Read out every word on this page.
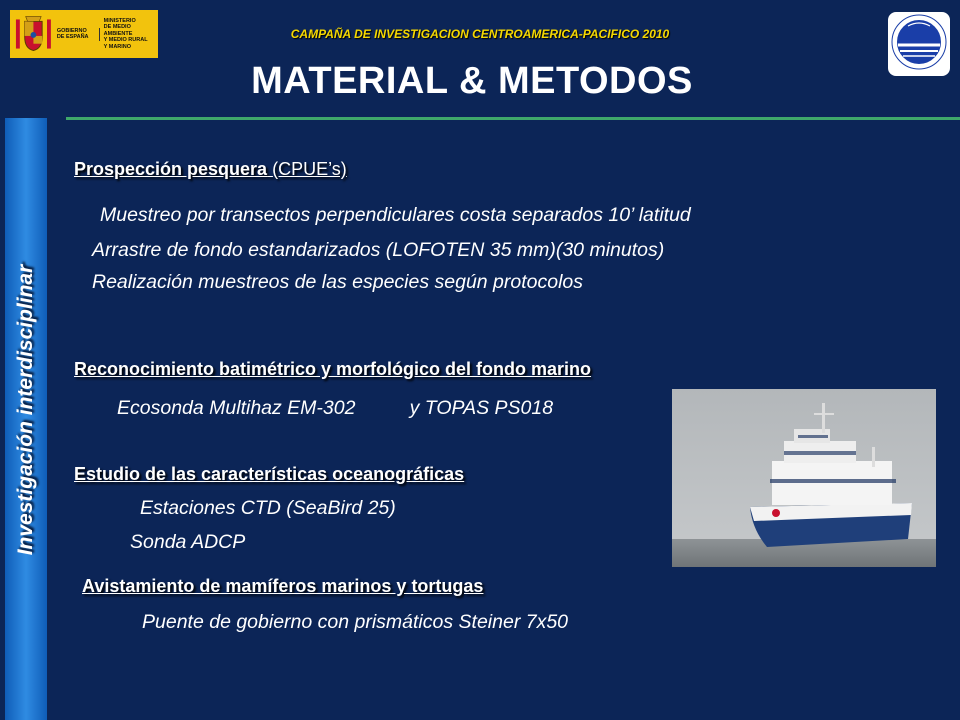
GOBIERNO
DE ESPAÑA
MINISTERIO
DE MEDIO AMBIENTE
Y MEDIO RURAL
Y MARINO
CAMPAÑA DE INVESTIGACION CENTROAMERICA-PACIFICO 2010
MATERIAL & METODOS
Investigación interdisciplinar
Prospección pesquera (CPUE’s)
Muestreo por transectos perpendiculares costa separados 10’ latitud
Arrastre de fondo estandarizados (LOFOTEN 35 mm)(30 minutos)
Realización muestreos de las especies según protocolos
Reconocimiento batimétrico y morfológico del fondo marino
Ecosonda Multihaz EM-302          y TOPAS PS018
Estudio de las características oceanográficas
Estaciones CTD (SeaBird 25)
Sonda ADCP
Avistamiento de mamíferos marinos y tortugas
Puente de gobierno con prismáticos Steiner 7x50
